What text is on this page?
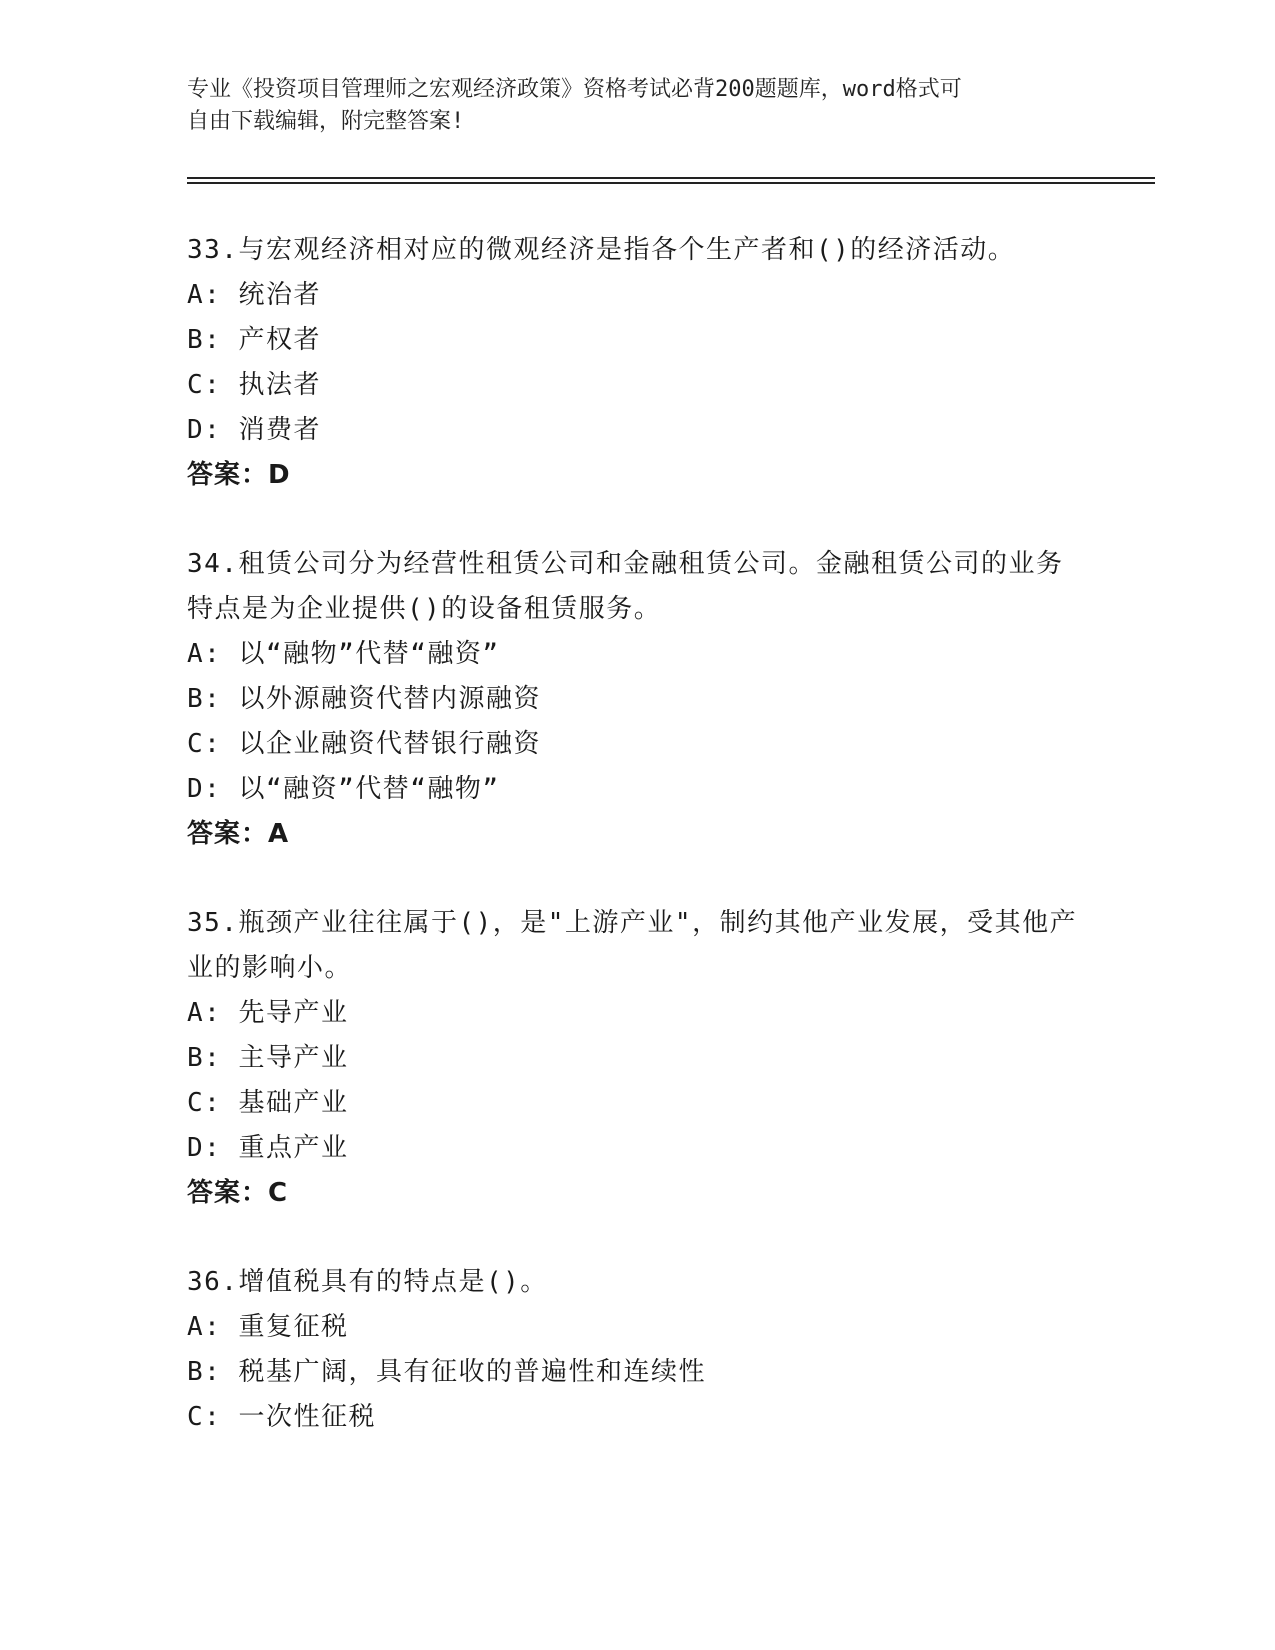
专业《投资项目管理师之宏观经济政策》资格考试必背200题题库，word格式可
自由下载编辑，附完整答案!
33.与宏观经济相对应的微观经济是指各个生产者和()的经济活动。
A: 统治者
B: 产权者
C: 执法者
D: 消费者
答案：D
34.租赁公司分为经营性租赁公司和金融租赁公司。金融租赁公司的业务特点是为企业提供()的设备租赁服务。
A: 以“融物”代替“融资”
B: 以外源融资代替内源融资
C: 以企业融资代替银行融资
D: 以“融资”代替“融物”
答案：A
35.瓶颈产业往往属于()，是"上游产业"，制约其他产业发展，受其他产业的影响小。
A: 先导产业
B: 主导产业
C: 基础产业
D: 重点产业
答案：C
36.增值税具有的特点是()。
A: 重复征税
B: 税基广阔，具有征收的普遍性和连续性
C: 一次性征税
